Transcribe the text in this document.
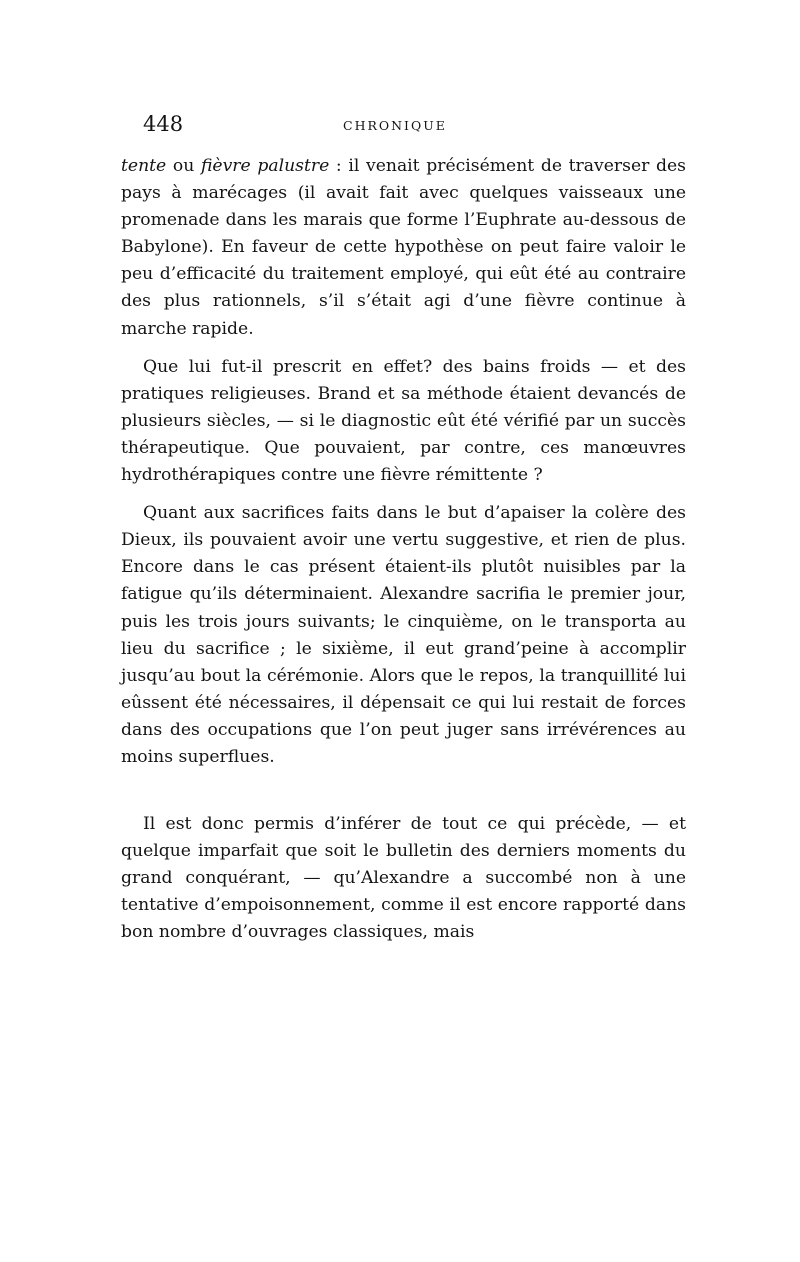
448	CHRONIQUE

tente ou fièvre palustre : il venait précisément de traverser des pays à marécages (il avait fait avec quelques vaisseaux une promenade dans les marais que forme l’Euphrate au-dessous de Babylone). En faveur de cette hypothèse on peut faire valoir le peu d’efficacité du traitement employé, qui eût été au contraire des plus rationnels, s’il s’était agi d’une fièvre continue à marche rapide.

Que lui fut-il prescrit en effet? des bains froids — et des pratiques religieuses. Brand et sa méthode étaient devancés de plusieurs siècles, — si le diagnostic eût été vérifié par un succès thérapeutique. Que pouvaient, par contre, ces manœuvres hydrothérapiques contre une fièvre rémittente ?

Quant aux sacrifices faits dans le but d’apaiser la colère des Dieux, ils pouvaient avoir une vertu suggestive, et rien de plus. Encore dans le cas présent étaient-ils plutôt nuisibles par la fatigue qu’ils déterminaient. Alexandre sacrifia le premier jour, puis les trois jours suivants; le cinquième, on le transporta au lieu du sacrifice ; le sixième, il eut grand’peine à accomplir jusqu’au bout la cérémonie. Alors que le repos, la tranquillité lui eûssent été nécessaires, il dépensait ce qui lui restait de forces dans des occupations que l’on peut juger sans irrévérences au moins superflues.

Il est donc permis d’inférer de tout ce qui précède, — et quelque imparfait que soit le bulletin des derniers moments du grand conquérant, — qu’Alexandre a succombé non à une tentative d’empoisonnement, comme il est encore rapporté dans bon nombre d’ouvrages classiques, mais
